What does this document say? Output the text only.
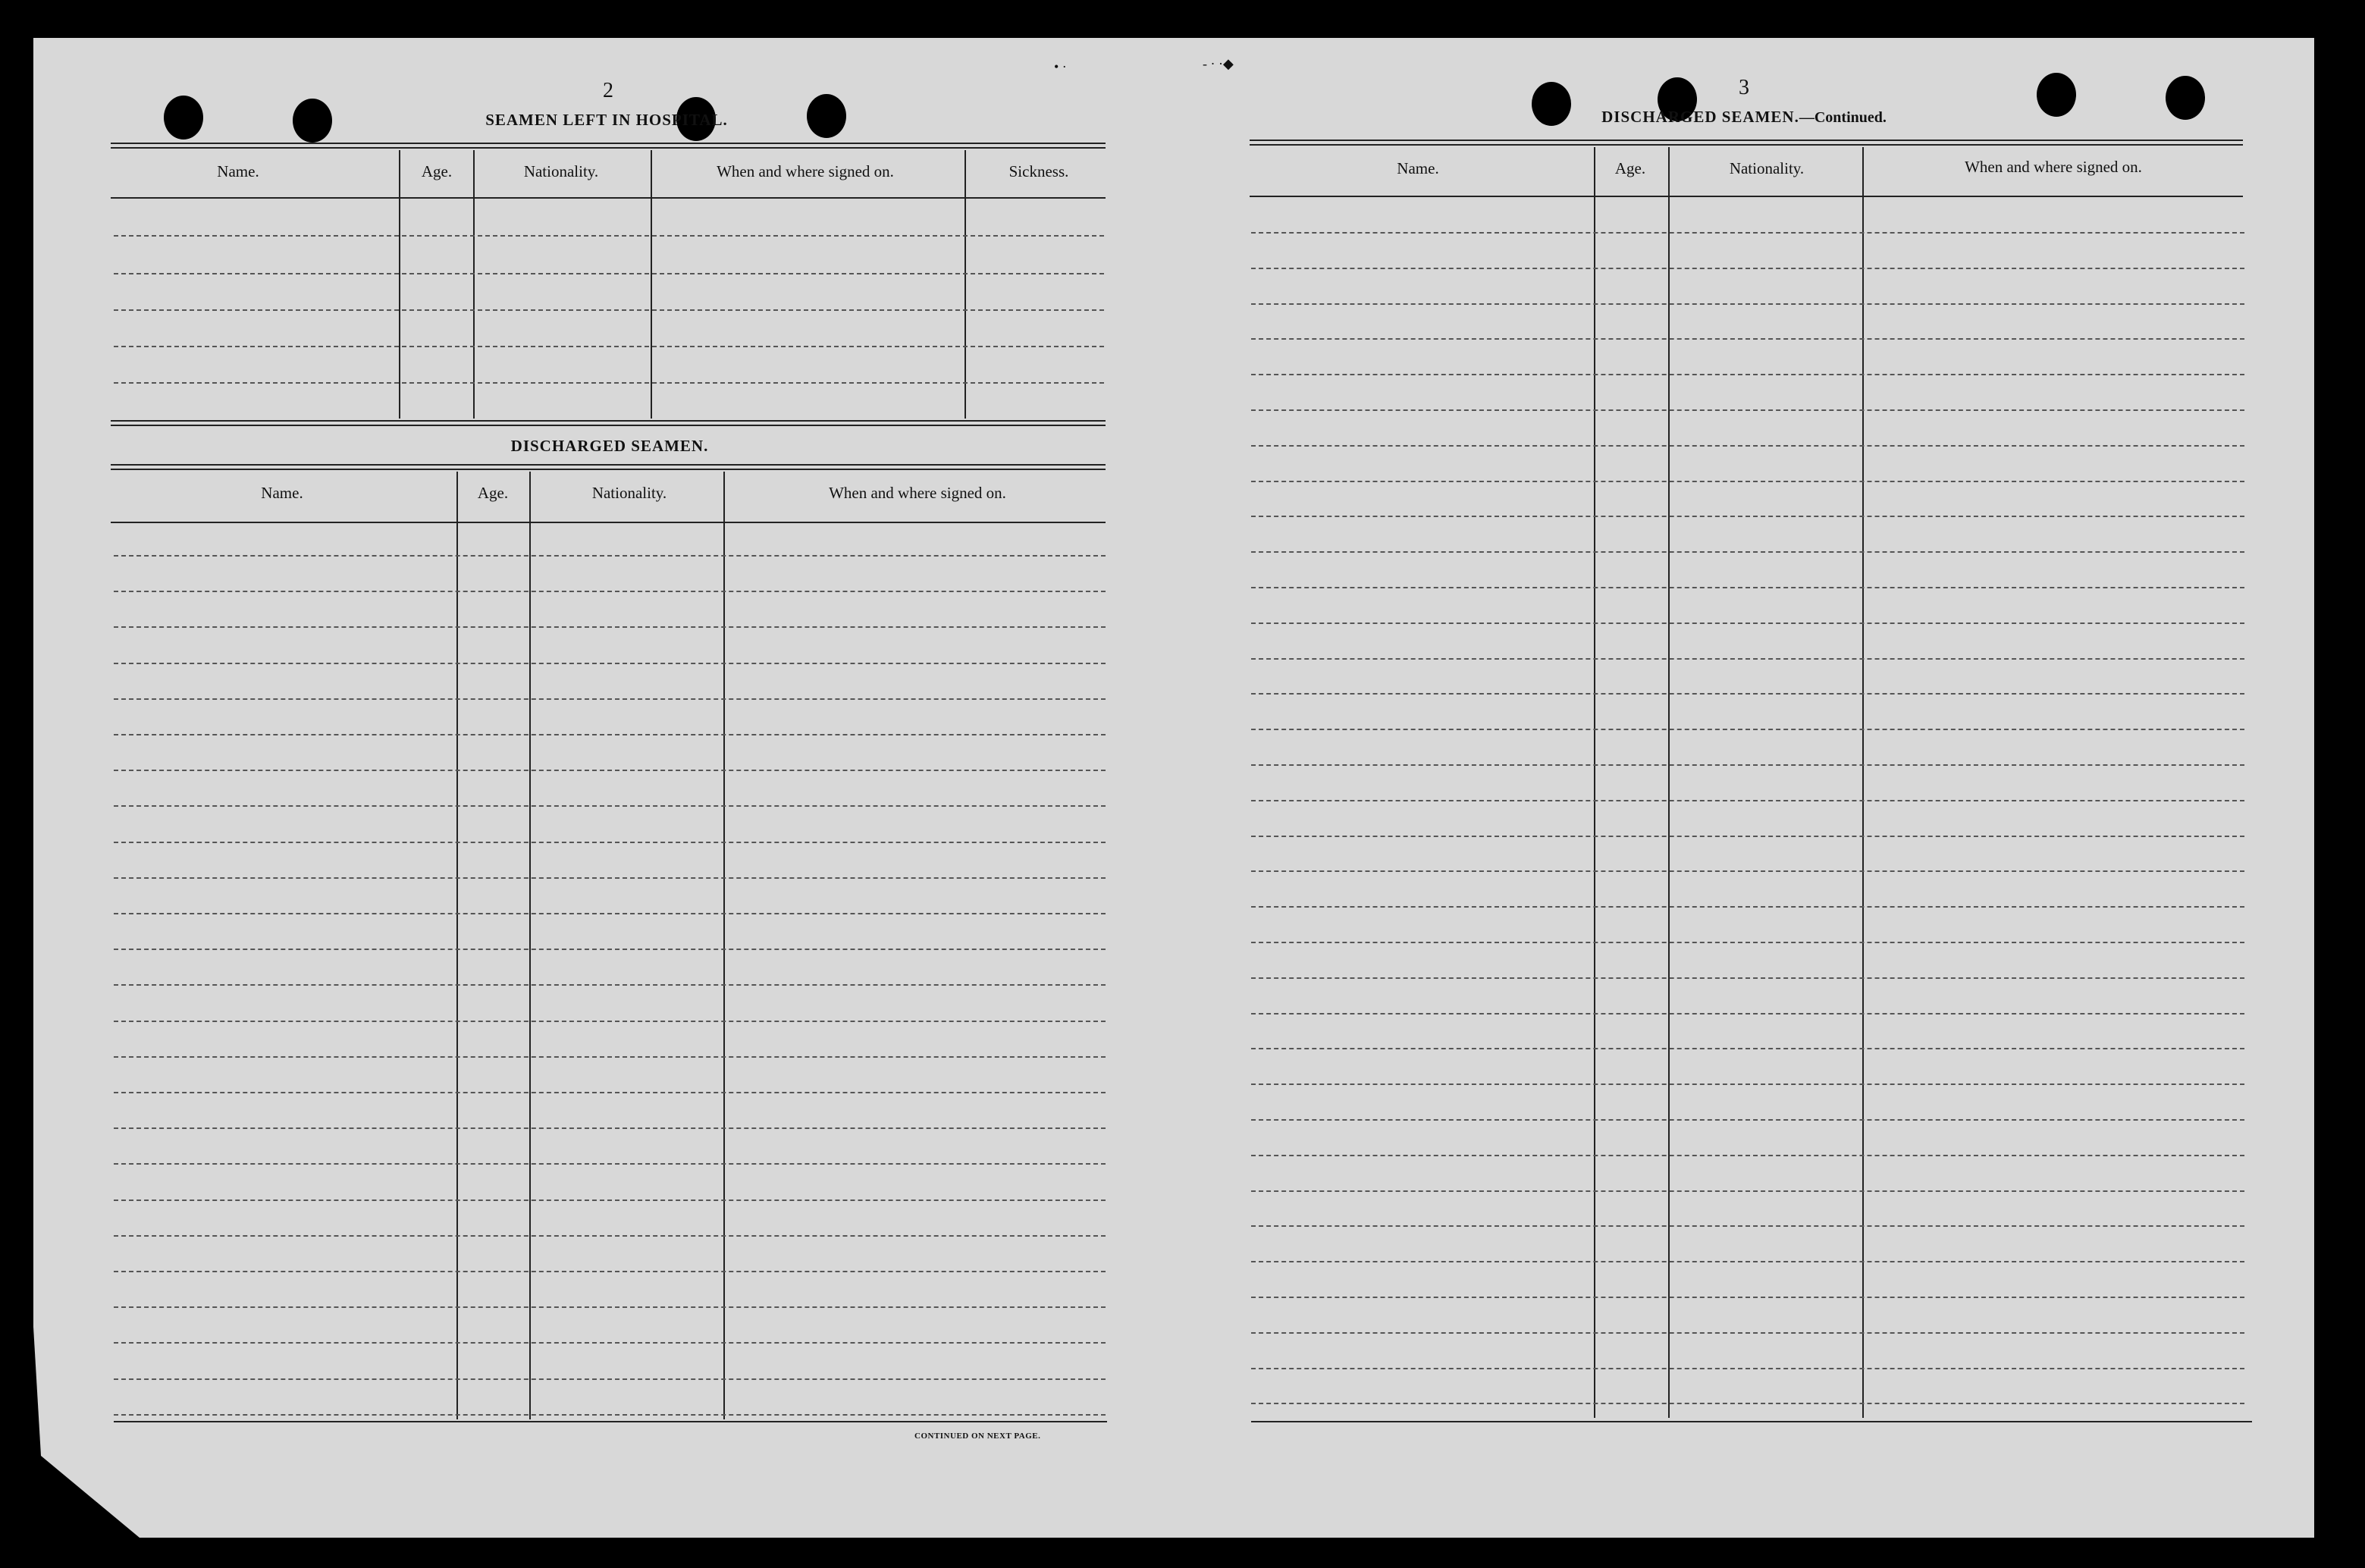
• ·	- · ·◆
2
SEAMEN LEFT IN HOSPITAL.
Name.	Age.	Nationality.	When and where signed on.	Sickness.
DISCHARGED SEAMEN.
Name.	Age.	Nationality.	When and where signed on.
CONTINUED ON NEXT PAGE.
3
DISCHARGED SEAMEN.—Continued.
Name.	Age.	Nationality.	When and where signed on.
